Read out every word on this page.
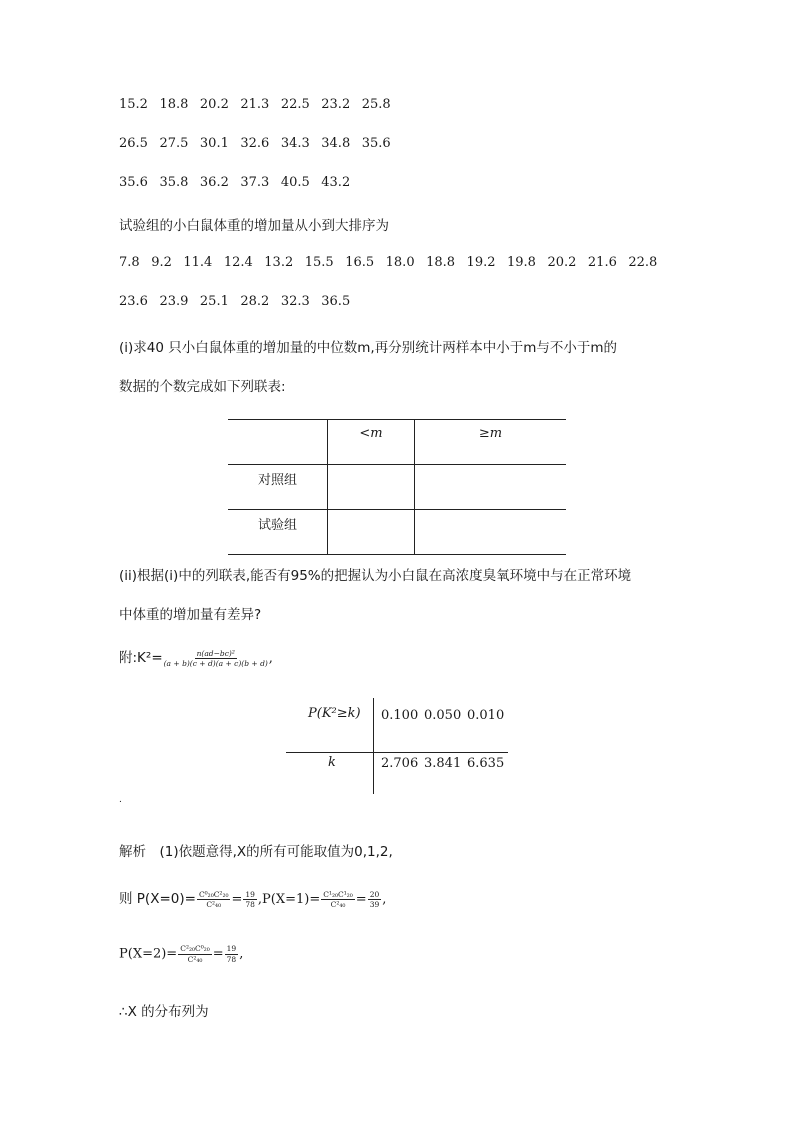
15.2 18.8 20.2 21.3 22.5 23.2 25.8
26.5 27.5 30.1 32.6 34.3 34.8 35.6
35.6 35.8 36.2 37.3 40.5 43.2
试验组的小白鼠体重的增加量从小到大排序为
7.8 9.2 11.4 12.4 13.2 15.5 16.5 18.0 18.8 19.2 19.8 20.2 21.6 22.8
23.6 23.9 25.1 28.2 32.3 36.5
(i)求40 只小白鼠体重的增加量的中位数m,再分别统计两样本中小于m与不小于m的
数据的个数完成如下列联表:
<m	≥m
对照组
试验组
(ii)根据(i)中的列联表,能否有95%的把握认为小白鼠在高浓度臭氧环境中与在正常环境
中体重的增加量有差异?
附:K²= $\frac{\text{n(ad−bc)²}}{(a + b)(c + d)(a + c)(b + d)}$ ,
P(K²≥k)
k
0.100 0.050 0.010
2.706 3.841 6.635
.
解析　(1)依题意得,X的所有可能取值为0,1,2,
则 $P(X=0)= \frac{\text{C⁰₂₀C²₂₀}}{\text{C²₄₀}} = \frac{19}{78} ,P(X=1)= \frac{\text{C¹₂₀C¹₂₀}}{\text{C²₄₀}} = \frac{20}{39}$ ,
$P(X=2)= \frac{\text{C²₂₀C⁰₂₀}}{\text{C²₄₀}} = \frac{19}{78}$ ,
∴X 的分布列为
